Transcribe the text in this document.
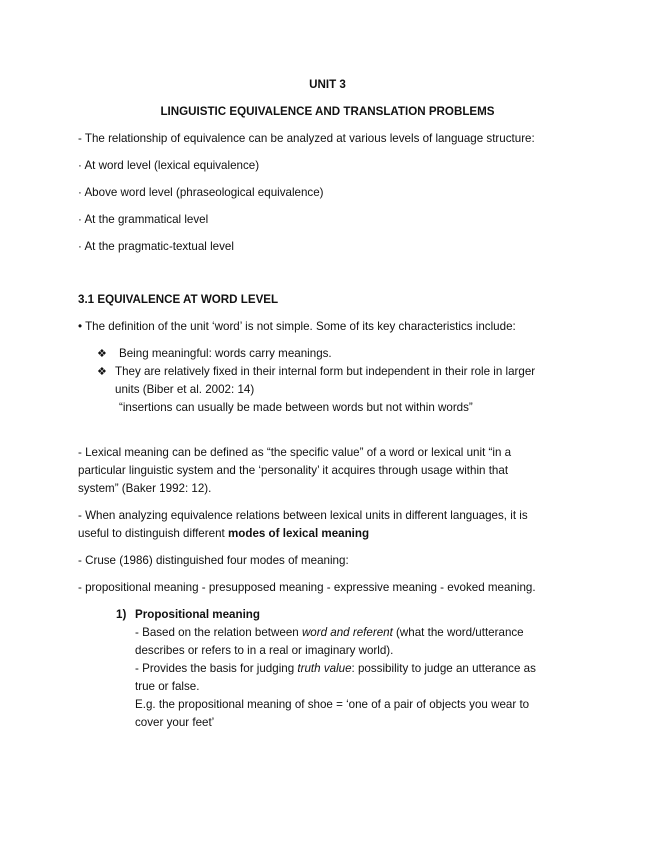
UNIT 3
LINGUISTIC EQUIVALENCE AND TRANSLATION PROBLEMS
- The relationship of equivalence can be analyzed at various levels of language structure:
· At word level (lexical equivalence)
· Above word level (phraseological equivalence)
· At the grammatical level
· At the pragmatic-textual level
3.1 EQUIVALENCE AT WORD LEVEL
• The definition of the unit ‘word’ is not simple. Some of its key characteristics include:
❖ Being meaningful: words carry meanings.
❖ They are relatively fixed in their internal form but independent in their role in larger
units (Biber et al. 2002: 14)
“insertions can usually be made between words but not within words”
- Lexical meaning can be defined as “the specific value” of a word or lexical unit “in a
particular linguistic system and the ‘personality’ it acquires through usage within that
system” (Baker 1992: 12).
- When analyzing equivalence relations between lexical units in different languages, it is
useful to distinguish different modes of lexical meaning
- Cruse (1986) distinguished four modes of meaning:
- propositional meaning - presupposed meaning - expressive meaning - evoked meaning.
1) Propositional meaning
- Based on the relation between word and referent (what the word/utterance
describes or refers to in a real or imaginary world).
- Provides the basis for judging truth value: possibility to judge an utterance as
true or false.
E.g. the propositional meaning of shoe = ‘one of a pair of objects you wear to
cover your feet’
